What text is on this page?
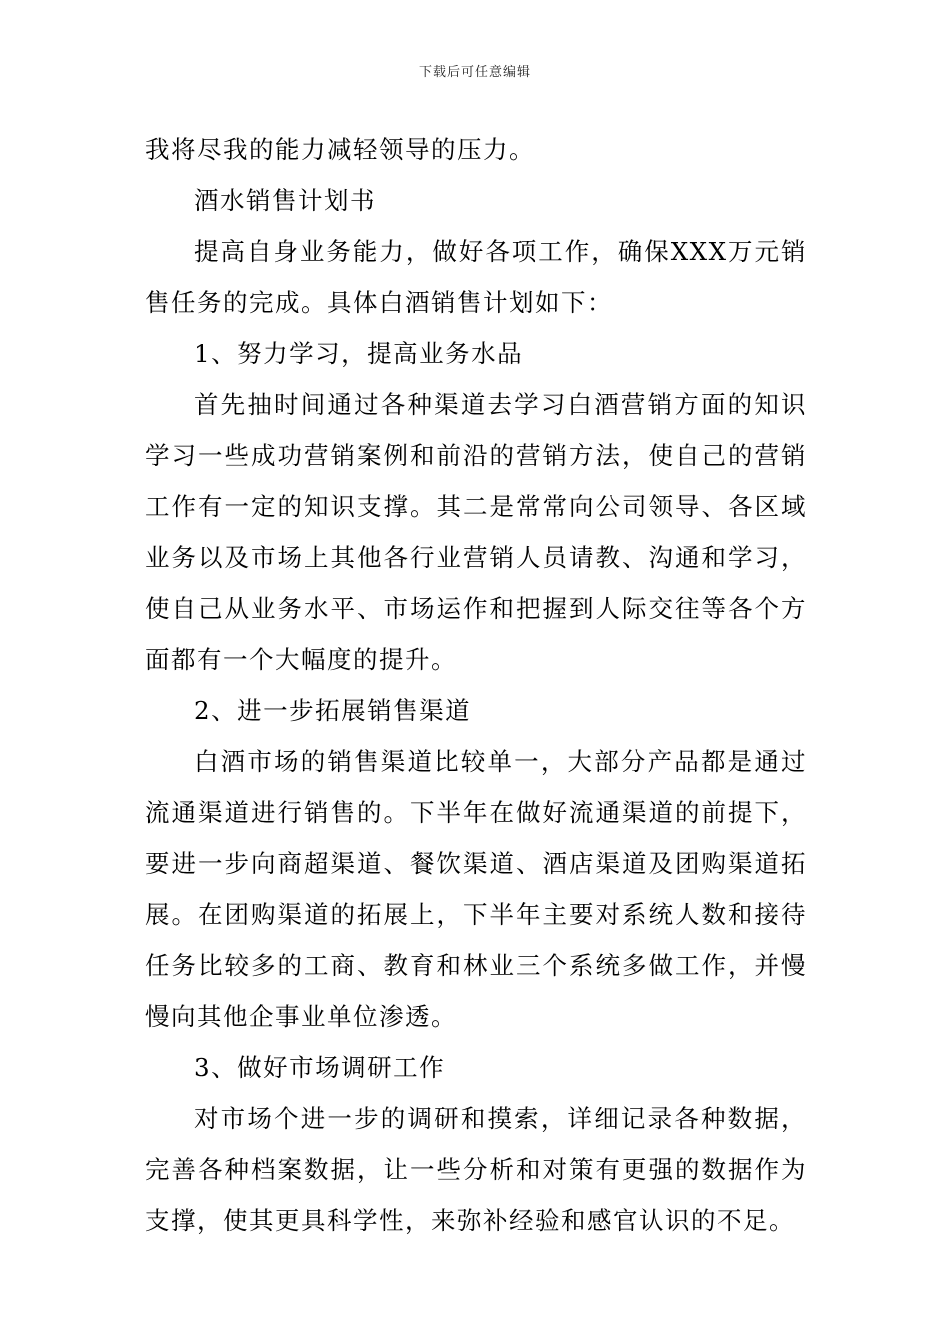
下载后可任意编辑

我将尽我的能力减轻领导的压力。

酒水销售计划书

提高自身业务能力，做好各项工作，确保XXX万元销售任务的完成。具体白酒销售计划如下：

1、努力学习，提高业务水品

首先抽时间通过各种渠道去学习白酒营销方面的知识学习一些成功营销案例和前沿的营销方法，使自己的营销工作有一定的知识支撑。其二是常常向公司领导、各区域业务以及市场上其他各行业营销人员请教、沟通和学习，使自己从业务水平、市场运作和把握到人际交往等各个方面都有一个大幅度的提升。

2、进一步拓展销售渠道

白酒市场的销售渠道比较单一，大部分产品都是通过流通渠道进行销售的。下半年在做好流通渠道的前提下，要进一步向商超渠道、餐饮渠道、酒店渠道及团购渠道拓展。在团购渠道的拓展上，下半年主要对系统人数和接待任务比较多的工商、教育和林业三个系统多做工作，并慢慢向其他企事业单位渗透。

3、做好市场调研工作

对市场个进一步的调研和摸索，详细记录各种数据，完善各种档案数据，让一些分析和对策有更强的数据作为支撑，使其更具科学性，来弥补经验和感官认识的不足。
